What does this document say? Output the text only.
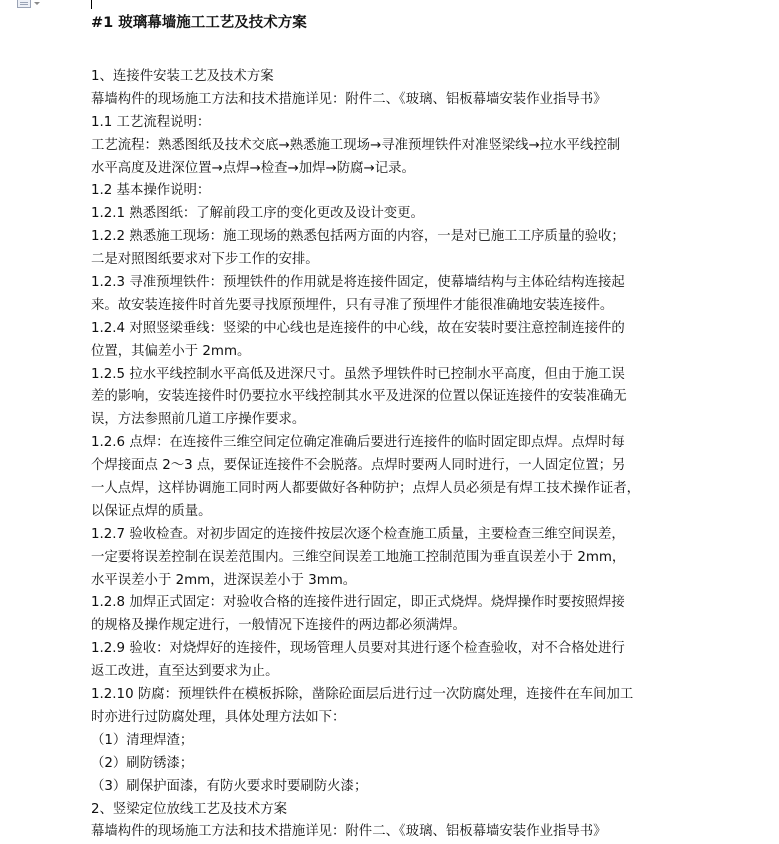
#1 玻璃幕墙施工工艺及技术方案
1、连接件安装工艺及技术方案
幕墙构件的现场施工方法和技术措施详见：附件二、《玻璃、铝板幕墙安装作业指导书》
1.1 工艺流程说明：
工艺流程：熟悉图纸及技术交底→熟悉施工现场→寻准预埋铁件对准竖梁线→拉水平线控制
水平高度及进深位置→点焊→检查→加焊→防腐→记录。
1.2 基本操作说明：
1.2.1 熟悉图纸：了解前段工序的变化更改及设计变更。
1.2.2 熟悉施工现场：施工现场的熟悉包括两方面的内容，一是对已施工工序质量的验收；
二是对照图纸要求对下步工作的安排。
1.2.3 寻准预埋铁件：预埋铁件的作用就是将连接件固定，使幕墙结构与主体砼结构连接起
来。故安装连接件时首先要寻找原预埋件，只有寻准了预埋件才能很准确地安装连接件。
1.2.4 对照竖梁垂线：竖梁的中心线也是连接件的中心线，故在安装时要注意控制连接件的
位置，其偏差小于 2mm。
1.2.5 拉水平线控制水平高低及进深尺寸。虽然予埋铁件时已控制水平高度，但由于施工误
差的影响，安装连接件时仍要拉水平线控制其水平及进深的位置以保证连接件的安装准确无
误，方法参照前几道工序操作要求。
1.2.6 点焊：在连接件三维空间定位确定准确后要进行连接件的临时固定即点焊。点焊时每
个焊接面点 2～3 点，要保证连接件不会脱落。点焊时要两人同时进行，一人固定位置；另
一人点焊，这样协调施工同时两人都要做好各种防护；点焊人员必须是有焊工技术操作证者，
以保证点焊的质量。
1.2.7 验收检查。对初步固定的连接件按层次逐个检查施工质量，主要检查三维空间误差，
一定要将误差控制在误差范围内。三维空间误差工地施工控制范围为垂直误差小于 2mm，
水平误差小于 2mm，进深误差小于 3mm。
1.2.8 加焊正式固定：对验收合格的连接件进行固定，即正式烧焊。烧焊操作时要按照焊接
的规格及操作规定进行，一般情况下连接件的两边都必须满焊。
1.2.9 验收：对烧焊好的连接件，现场管理人员要对其进行逐个检查验收，对不合格处进行
返工改进，直至达到要求为止。
1.2.10 防腐：预埋铁件在模板拆除，凿除砼面层后进行过一次防腐处理，连接件在车间加工
时亦进行过防腐处理，具体处理方法如下：
（1）清理焊渣；
（2）刷防锈漆；
（3）刷保护面漆，有防火要求时要刷防火漆；
2、竖梁定位放线工艺及技术方案
幕墙构件的现场施工方法和技术措施详见：附件二、《玻璃、铝板幕墙安装作业指导书》
